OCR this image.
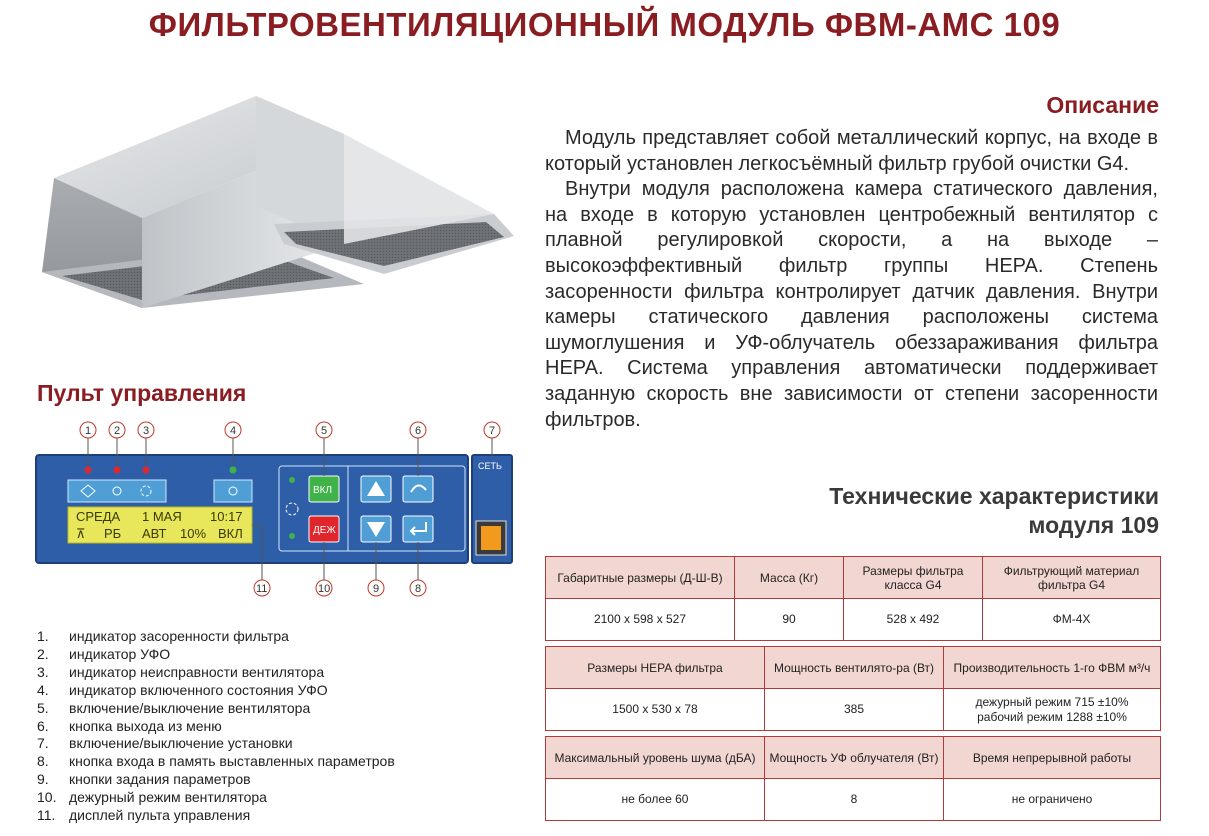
ФИЛЬТРОВЕНТИЛЯЦИОННЫЙ МОДУЛЬ ФВМ-АМС 109
Описание

Модуль представляет собой металлический корпус, на входе в который установлен легкосъёмный фильтр грубой очистки G4.

Внутри модуля расположена камера статического давления, на входе в которую установлен центробежный вентилятор с плавной регулировкой скорости, а на выходе – высокоэффективный фильтр группы HEPA. Степень засоренности фильтра контролирует датчик давления. Внутри камеры статического давления расположены система шумоглушения и УФ-облучатель обеззараживания фильтра HEPA. Система управления автоматически поддерживает заданную скорость вне зависимости от степени засоренности фильтров.

Пульт управления
СРЕДА 1 МАЯ 10:17
⊼ РБ АВТ 10% ВКЛ
ВКЛ
ДЕЖ
СЕТЬ
1 2 3	4	5	6	7
8
9
10
11
1. индикатор засоренности фильтра
2. индикатор УФО
3. индикатор неисправности вентилятора
4. индикатор включенного состояния УФО
5. включение/выключение вентилятора
6. кнопка выхода из меню
7. включение/выключение установки
8. кнопка входа в память выставленных параметров
9. кнопки задания параметров
10. дежурный режим вентилятора
11. дисплей пульта управления
Технические характеристики
модуля 109
Габаритные размеры (Д-Ш-В)	Масса (Кг)	Размеры фильтра класса G4	Фильтрующий материал фильтра G4
2100 х 598 х 527	90	528 х 492	ФМ-4Х
Размеры HEPA фильтра	Мощность вентилято-ра (Вт)	Производительность 1-го ФВМ м³/ч
1500 х 530 х 78	385	дежурный режим 715 ±10%
рабочий режим 1288 ±10%
Максимальный уровень шума (дБА)	Мощность УФ облучателя (Вт)	Время непрерывной работы
не более 60	8	не ограничено
